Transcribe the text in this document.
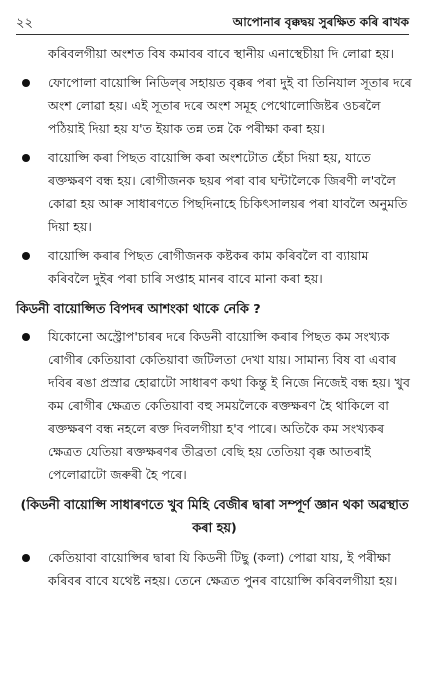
২২	আপোনাৰ বৃক্কদ্বয় সুৰক্ষিত কৰি ৰাখক

কৰিবলগীয়া অংশত বিষ কমাবৰ বাবে স্থানীয় এনাস্থেচীয়া দি লোৱা হয়।

ফোপোলা বায়োপ্সি নিডিল্‌ৰ সহায়ত বৃক্কৰ পৰা দুই বা তিনিযাল সূতাৰ দৰে অংশ লোৱা হয়। এই সূতাৰ দৰে অংশ সমূহ পেথোলোজিষ্টৰ ওচৰলৈ পঠিয়াই দিয়া হয় য'ত ইয়াক তন্ন তন্ন কৈ পৰীক্ষা কৰা হয়।

বায়োপ্সি কৰা পিছত বায়োপ্সি কৰা অংশটোত হেঁচা দিয়া হয়, যাতে ৰক্তক্ষৰণ বন্ধ হয়। ৰোগীজনক ছয়ৰ পৰা বাৰ ঘন্টালৈকে জিৰণী ল'বলৈ কোৱা হয় আৰু সাধাৰণতে পিছদিনাহে চিকিৎসালয়ৰ পৰা যাবলৈ অনুমতি দিয়া হয়।

বায়োপ্সি কৰাৰ পিছত ৰোগীজনক কষ্টকৰ কাম কৰিবলৈ বা ব্যায়াম কৰিবলৈ দুইৰ পৰা চাৰি সপ্তাহ মানৰ বাবে মানা কৰা হয়।

কিডনী বায়োপ্সিত বিপদৰ আশংকা থাকে নেকি ?

যিকোনো অস্ট্ৰোপ'চাৰৰ দৰে কিডনী বায়োপ্সি কৰাৰ পিছত কম সংখ্যক ৰোগীৰ কেতিয়াবা কেতিয়াবা জটিলতা দেখা যায়। সামান্য বিষ বা এবাৰ দবিৰ ৰঙা প্ৰস্ৰাৱ হোৱাটো সাধাৰণ কথা কিন্তু ই নিজে নিজেই বন্ধ হয়। খুব কম ৰোগীৰ ক্ষেত্ৰত কেতিয়াবা বহু সময়লৈকে ৰক্তক্ষৰণ হৈ থাকিলে বা ৰক্তক্ষৰণ বন্ধ নহলে ৰক্ত দিবলগীয়া হ'ব পাৰে। অতিকৈ কম সংখ্যকৰ ক্ষেত্ৰত যেতিয়া ৰক্তক্ষৰণৰ তীব্ৰতা বেছি হয় তেতিয়া বৃক্ক আতৰাই পেলোৱাটো জৰুৰী হৈ পৰে।

(কিডনী বায়োপ্সি সাধাৰণতে খুব মিহি বেজীৰ দ্বাৰা সম্পূৰ্ণ জ্ঞান থকা অৱস্থাত কৰা হয়)

কেতিয়াবা বায়োপ্সিৰ দ্বাৰা যি কিডনী টিছু (কলা) পোৱা যায়, ই পৰীক্ষা কৰিবৰ বাবে যথেষ্ট নহয়। তেনে ক্ষেত্ৰত পুনৰ বায়োপ্সি কৰিবলগীয়া হয়।
